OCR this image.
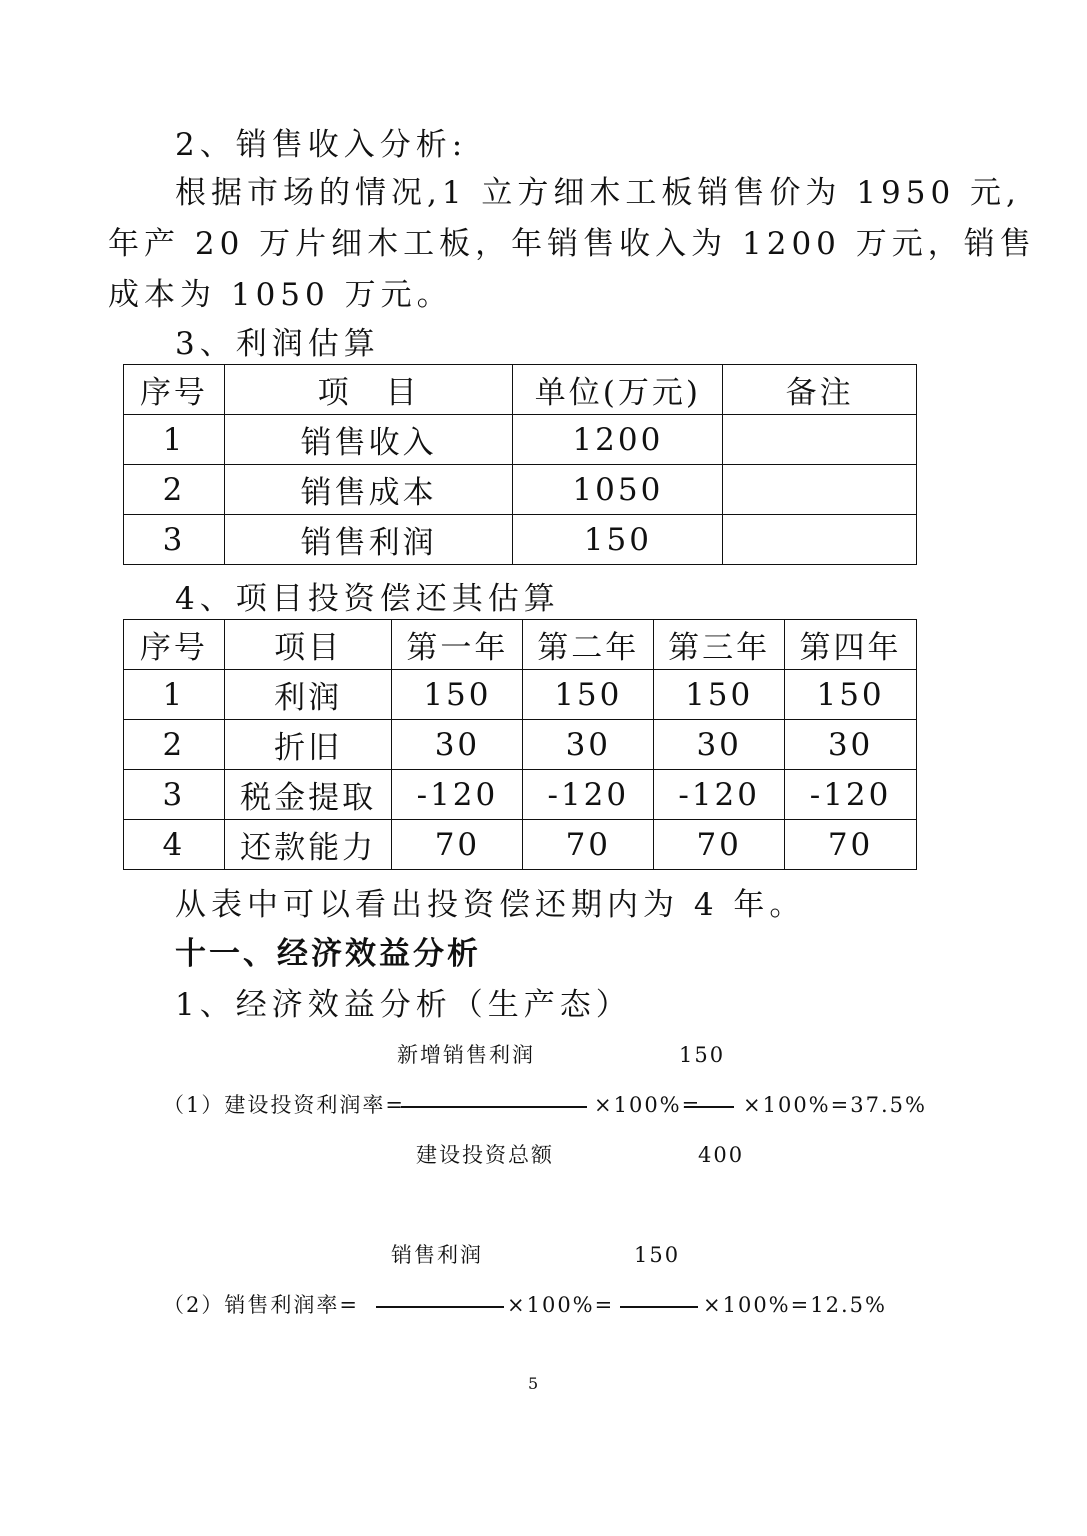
2、销售收入分析:
根据市场的情况,1 立方细木工板销售价为 1950 元,
年产 20 万片细木工板，年销售收入为 1200 万元，销售
成本为 1050 万元。
3、利润估算
序号	项　目	单位(万元)	备注
1	销售收入	1200	
2	销售成本	1050	
3	销售利润	150	
4、项目投资偿还其估算
序号	项目	第一年	第二年	第三年	第四年
1	利润	150	150	150	150
2	折旧	30	30	30	30
3	税金提取	-120	-120	-120	-120
4	还款能力	70	70	70	70
从表中可以看出投资偿还期内为 4 年。
十一、经济效益分析
1、经济效益分析（生产态）
新增销售利润	150
（1）建设投资利润率=	×100%= ×100%=37.5%
建设投资总额	400
销售利润	150
（2）销售利润率=	×100%=	×100%=12.5%
5
